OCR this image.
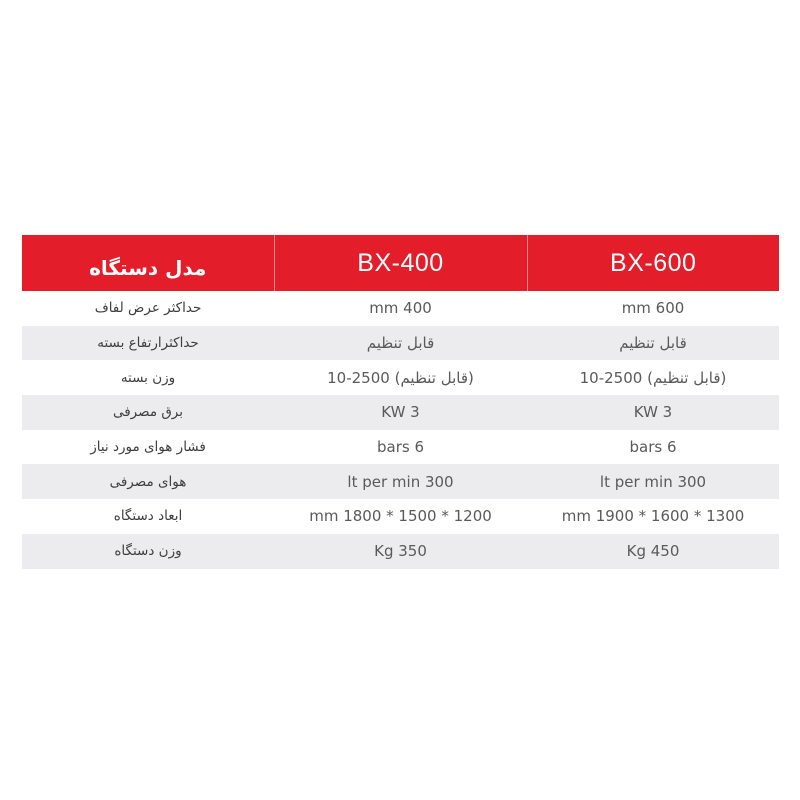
مدل دستگاه	BX-400	BX-600
حداکثر عرض لفاف	mm 400	mm 600
حداکثرارتفاع بسته	قابل تنظیم	قابل تنظیم
وزن بسته	10-2500 (قابل تنظیم)	10-2500 (قابل تنظیم)
برق مصرفی	KW 3	KW 3
فشار هوای مورد نیاز	bars 6	bars 6
هوای مصرفی	lt per min 300	lt per min 300
ابعاد دستگاه	mm 1800 * 1500 * 1200	mm 1900 * 1600 * 1300
وزن دستگاه	Kg 350	Kg 450
